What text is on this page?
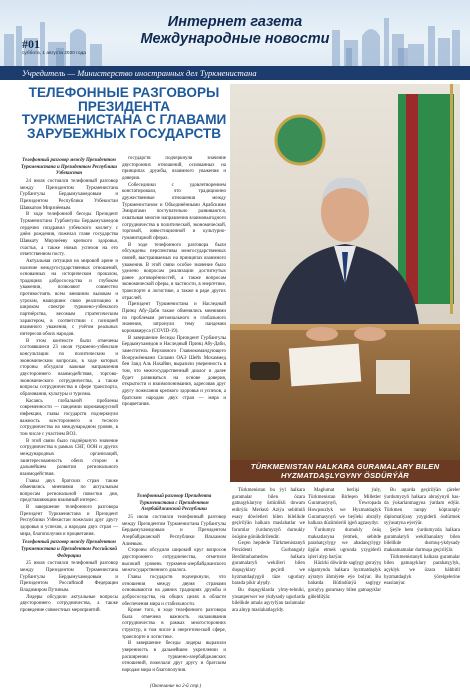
Интернет газета
Международные новости
#01
суббота, 1 августа 2020 года
Учредитель — Министерство иностранных дел Туркменистана
ТЕЛЕФОННЫЕ РАЗГОВОРЫ ПРЕЗИДЕНТА ТУРКМЕНИСТАНА С ГЛАВАМИ ЗАРУБЕЖНЫХ ГОСУДАРСТВ
TÜRKMENISTAN HALKARA GURAMALARY BILEN HYZMATDAŞLYGYNY ÖSDÜRÝÄR

Телефонный разговор между Президентом Туркменистана и Президентом Республики Узбекистан

24 июля состоялся телефонный разговор между Президентом Туркменистана Гурбангулы Бердымухамедовым и Президентом Республики Узбекистан Шавкатом Мирзиёевым.

В ходе телефонной беседы Президент Туркменистана Гурбангулы Бердымухамедов сердечно поздравил узбекского коллегу с днём рождения, пожелал главе государства Шавкату Мирзиёеву крепкого здоровья, счастья, а также новых успехов на его ответственном посту.

Актуальная ситуация на мировой арене и наличие междугосударственных отношений, основанных на историческом прошлом, традициях добрососедства и глубоком уважении, позволяют совместно противостоять всем внешним вызовам и угрозам, нашедшим свою реализацию в широком спектре туркмено-узбекского партнёрства, весомым стратегическим характером, в соответствии с позицией взаимного уважения, с учётом реальных интересов обоих народов.

В этом контексте были отмечены состоявшиеся 23 июля туркмено-узбекские консультации по политическим и экономическим вопросам, в ходе которых стороны обсудили важные направления двустороннего взаимодействия, торгово-экономического сотрудничества, а также вопросы сотрудничества в сфере транспорта, образования, культуры и туризма.

Касаясь глобальной проблемы современности — пандемии коронавирусной инфекции, главы государств подчеркнули важность всестороннего и тесного сотрудничества на международном уровне, в том числе с участием ВОЗ.

В этой связи было подчёркнуто значение сотрудничества в рамках СНГ, ООН и других международных организаций, заинтересованность обеих сторон в дальнейшем развитии регионального взаимодействия.

Главы двух братских стран также обменялись мнениями по актуальным вопросам региональной повестки дня, представляющим взаимный интерес.

В завершение телефонного разговора Президент Туркменистана и Президент Республики Узбекистан пожелали друг другу здоровья и успехов, а народам двух стран — мира, благополучия и процветания.

Телефонный разговор между Президентом Туркменистана и Президентом Российской Федерации

25 июля состоялся телефонный разговор между Президентом Туркменистана Гурбангулы Бердымухамедовым и Президентом Российской Федерации Владимиром Путиным.

Лидеры обсудили актуальные вопросы двустороннего сотрудничества, а также проведение совместных мероприятий.

государств подчеркнули значение двусторонних отношений, основанных на принципах дружбы, взаимного уважения и доверия.

Собеседники с удовлетворением констатировали, что традиционно дружественные отношения между Туркменистаном и Объединёнными Арабскими Эмиратами поступательно развиваются, охватывая многие направления взаимовыгодного сотрудничества в политической, экономической, торговой, инвестиционной и культурно-гуманитарной сферах.

В ходе телефонного разговора были обсуждены перспективы межгосударственных связей, выстраиваемых на принципах взаимного уважения. В этой связи особое значение было уделено вопросам реализации достигнутых ранее договорённостей, а также вопросам экономической сферы, в частности, в энергетике, транспорте и логистике, а также в ряде других отраслей.

Президент Туркменистана и Наследный Принц Абу-Даби также обменялись мнениями по проблемам регионального и глобального значения, затронули тему пандемии коронавируса (COVID-19).

В завершение беседы Президент Гурбангулы Бердымухамедов и Наследный Принц Абу-Даби, заместитель Верховного Главнокомандующего Вооружёнными Силами ОАЭ Шейх Мохаммед бен Заид Аль Нахайян, выразили уверенность в том, что межгосударственный диалог и далее будет развиваться на основе доверия, открытости и взаимопонимания, адресовав друг другу пожелания крепкого здоровья и успехов, а братским народам двух стран — мира и процветания.

Телефонный разговор Президента Туркменистана с Президентом Азербайджанской Республики

25 июля состоялся телефонный разговор между Президентом Туркменистана Гурбангулы Бердымухамедовым и Президентом Азербайджанской Республики Ильхамом Алиевым.

Стороны обсудили широкий круг вопросов двустороннего сотрудничества, отметили высокий уровень туркмено-азербайджанского межгосударственного диалога.

Главы государств подчеркнули, что отношения между двумя странами основываются на давних традициях дружбы и добрососедства, на общих целях в области обеспечения мира и стабильности.

Кроме того, в ходе телефонного разговора была отмечена важность налаживания сотрудничества в рамках многосторонних структур, в том числе в энергетической сфере, транспорте и логистике.

В завершение беседы лидеры выразили уверенность в дальнейшем укреплении и расширении туркмено-азербайджанских отношений, пожелали друг другу и братским народам мира и благополучия.

Türkmenistan bu ýyl halkara guramalar bilen özara gatnaşyklaryny üstünlikli dowam etdirýär. Merkezi Aziýa sebitiniň esasy döwletleri bilen bilelikde geçirilýän halkara maslahatlar we forumlar ýurdumyzyň durnukly ösüşine gönükdirilendir.

Geçen hepdede Türkmenistanyň Prezidenti Gurbanguly Berdimuhamedow halkara guramalaryň wekilleri bilen duşuşyklary geçirdi we hyzmatdaşlygyň täze ugurlary barada pikir alyşdy.

Bu duşuşyklarda ylmy-tehniki, ynsanperwer we ykdysady ugurlarda bilelikde amala aşyrylýan taslamalar ara alnyp maslahatlaşyldy.

Maglumat berlişi ýaly, Türkmenistan Birleşen Milletler Guramasynyň, Ýewropada Howpsuzlyk we Hyzmatdaşlyk Guramasynyň we beýleki abraýly halkara düzümleriň işjeň agzasydyr.

Ýurdumyz durnukly ösüş maksatlaryna ýetmek, sebitde parahatçylygy we abadançylygy üpjün etmek ugrunda yzygiderli işleri alyp barýar.

Häzirki döwürde saglygy goraýyş ulgamynda halkara hyzmatdaşlyk aýratyn ähmiýete eýe bolýar. Bu babatda Bütindünýä saglygy goraýyş guramasy bilen gatnaşyklar giňeldilýär.

Bu ugurda geçirilýän çäreler ýurdumyzyň halkara abraýynyň has-da ýokarlanmagyna ýardam edýär. Türkmen tarapy köptaraply diplomatiýany yzygiderli ösdürmek syýasatyna eýerýär.

Şeýle hem ýurdumyzda halkara guramalaryň wekilhanalary bilen bilelikde durmuş-ykdysady maksatnamalar durmuşa geçirilýär.

Türkmenistanyň halkara guramalar bilen gatnaşyklary parahatçylyk, açyklyk we özara bähbitli hyzmatdaşlyk ýörelgelerine esaslanýar.

(Окончание на 2-й стр.)
